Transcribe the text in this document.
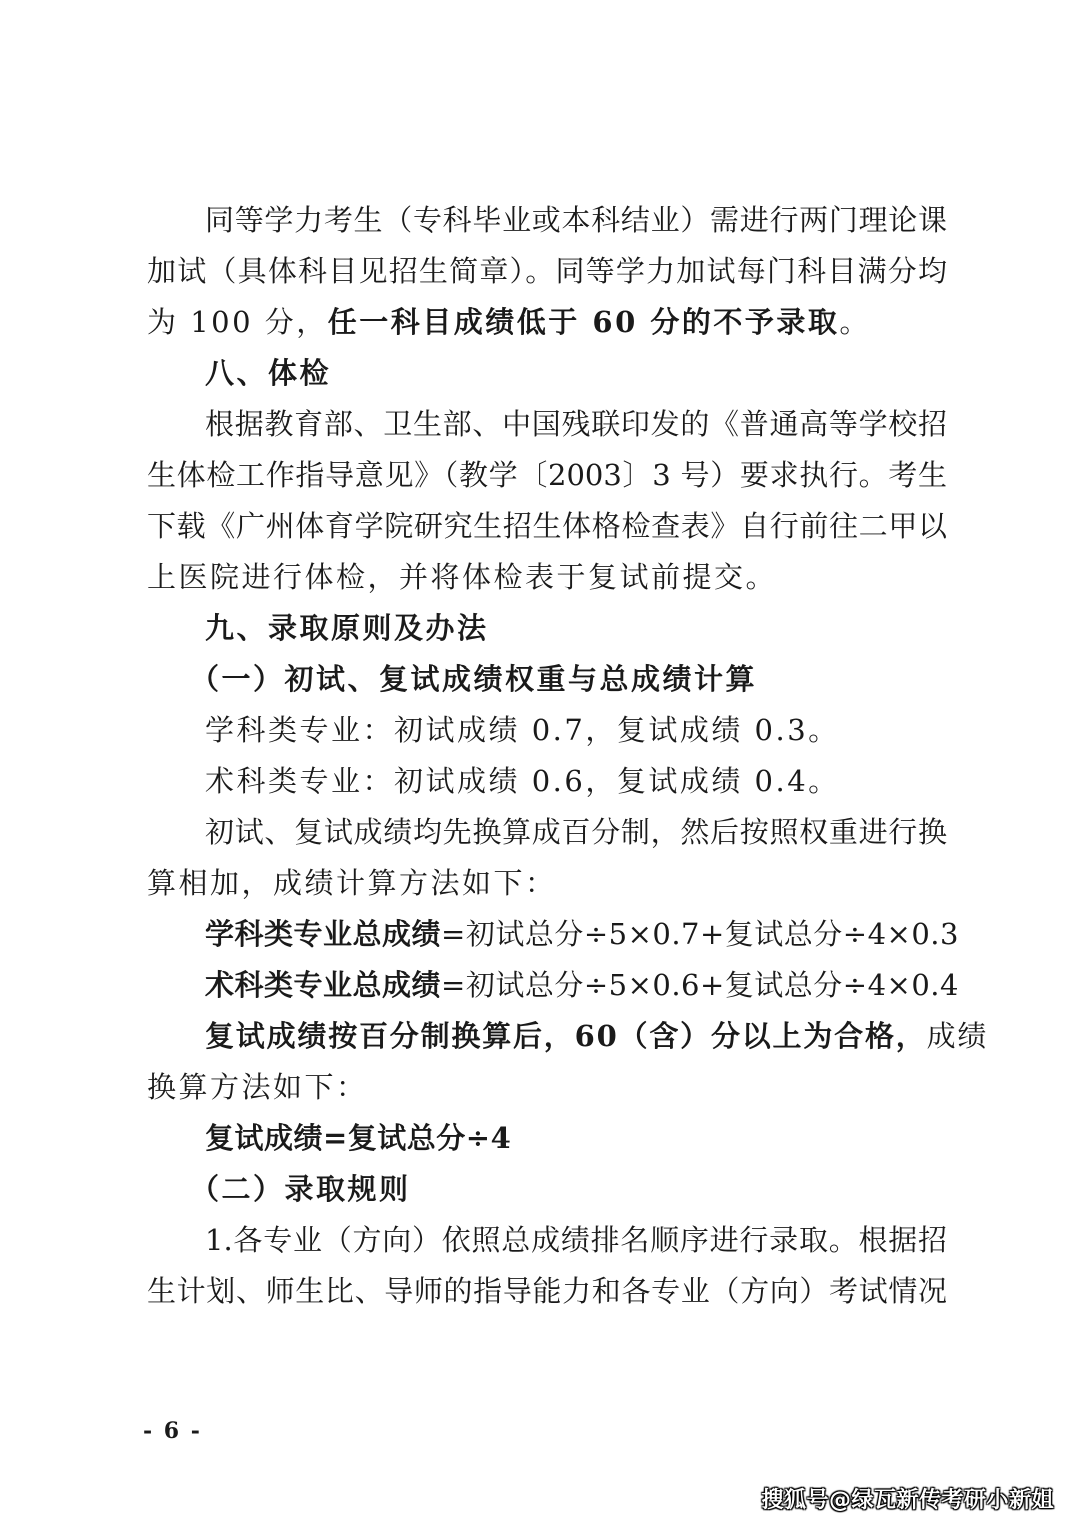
同等学力考生（专科毕业或本科结业）需进行两门理论课
加试（具体科目见招生简章）。同等学力加试每门科目满分均
为 100 分，任一科目成绩低于 60 分的不予录取。
八、体检
根据教育部、卫生部、中国残联印发的《普通高等学校招
生体检工作指导意见》（教学〔2003〕3 号）要求执行。考生
下载《广州体育学院研究生招生体格检查表》自行前往二甲以
上医院进行体检，并将体检表于复试前提交。
九、录取原则及办法
（一）初试、复试成绩权重与总成绩计算
学科类专业：初试成绩 0.7，复试成绩 0.3。
术科类专业：初试成绩 0.6，复试成绩 0.4。
初试、复试成绩均先换算成百分制，然后按照权重进行换
算相加，成绩计算方法如下：
学科类专业总成绩=初试总分÷5×0.7+复试总分÷4×0.3
术科类专业总成绩=初试总分÷5×0.6+复试总分÷4×0.4
复试成绩按百分制换算后，60（含）分以上为合格，成绩
换算方法如下：
复试成绩=复试总分÷4
（二）录取规则
1.各专业（方向）依照总成绩排名顺序进行录取。根据招
生计划、师生比、导师的指导能力和各专业（方向）考试情况
- 6 -
搜狐号@绿瓦新传考研小新姐
